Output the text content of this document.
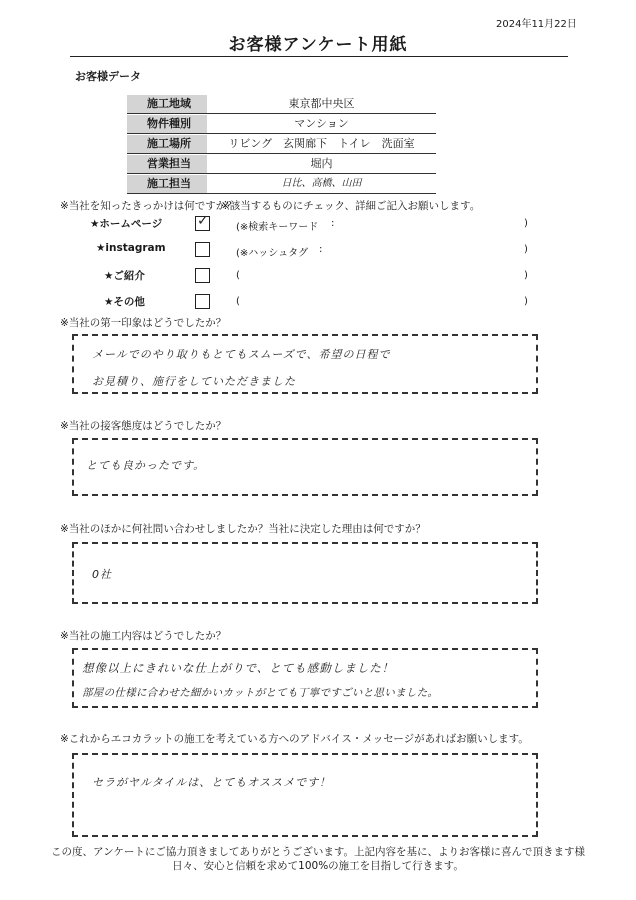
2024年11月22日
お客様アンケート用紙
お客様データ
施工地域	東京都中央区
物件種別	マンション
施工場所	リビング　玄関廊下　トイレ　洗面室
営業担当	堀内
施工担当	日比、高橋、山田
※当社を知ったきっかけは何ですか？
※該当するものにチェック、詳細ご記入お願いします。
★ホームページ ✓	(※検索キーワード :	)
★instagram	(※ハッシュタグ :	)
★ご紹介	(	)
★その他	(	)
※当社の第一印象はどうでしたか？
メールでのやり取りもとてもスムーズで、希望の日程で
お見積り、施行をしていただきました
※当社の接客態度はどうでしたか？
とても良かったです。
※当社のほかに何社問い合わせしましたか？当社に決定した理由は何ですか？
0社
※当社の施工内容はどうでしたか？
想像以上にきれいな仕上がりで、とても感動しました！
部屋の仕様に合わせた細かいカットがとても丁寧ですごいと思いました。
※これからエコカラットの施工を考えている方へのアドバイス・メッセージがあればお願いします。
セラがヤルタイルは、とてもオススメです！
この度、アンケートにご協力頂きましてありがとうございます。上記内容を基に、よりお客様に喜んで頂きます様
日々、安心と信頼を求めて100%の施工を目指して行きます。
